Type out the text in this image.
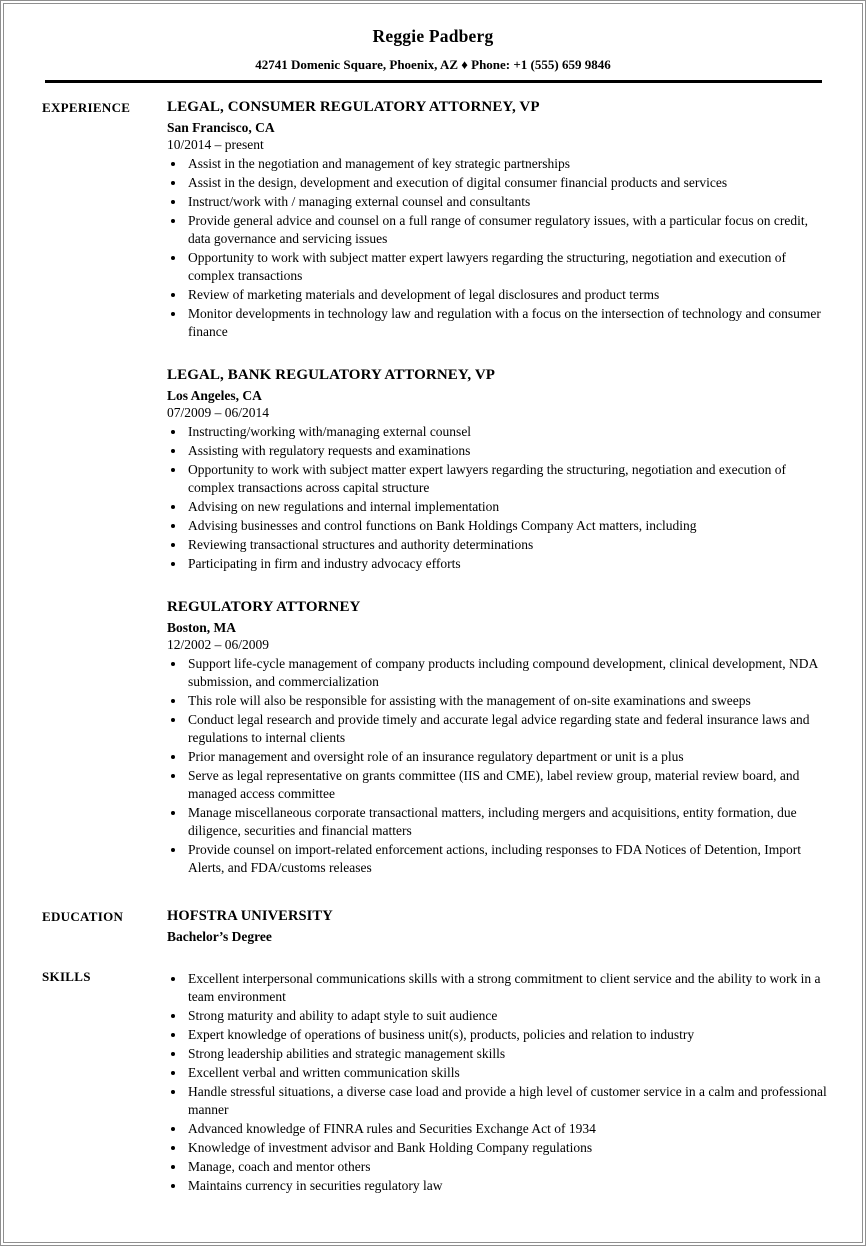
Reggie Padberg
42741 Domenic Square, Phoenix, AZ ♦ Phone: +1 (555) 659 9846
EXPERIENCE	LEGAL, CONSUMER REGULATORY ATTORNEY, VP
San Francisco, CA
10/2014 – present
• Assist in the negotiation and management of key strategic partnerships
• Assist in the design, development and execution of digital consumer financial products and services
• Instruct/work with / managing external counsel and consultants
• Provide general advice and counsel on a full range of consumer regulatory issues, with a particular focus on credit, data governance and servicing issues
• Opportunity to work with subject matter expert lawyers regarding the structuring, negotiation and execution of complex transactions
• Review of marketing materials and development of legal disclosures and product terms
• Monitor developments in technology law and regulation with a focus on the intersection of technology and consumer finance
LEGAL, BANK REGULATORY ATTORNEY, VP
Los Angeles, CA
07/2009 – 06/2014
• Instructing/working with/managing external counsel
• Assisting with regulatory requests and examinations
• Opportunity to work with subject matter expert lawyers regarding the structuring, negotiation and execution of complex transactions across capital structure
• Advising on new regulations and internal implementation
• Advising businesses and control functions on Bank Holdings Company Act matters, including
• Reviewing transactional structures and authority determinations
• Participating in firm and industry advocacy efforts
REGULATORY ATTORNEY
Boston, MA
12/2002 – 06/2009
• Support life-cycle management of company products including compound development, clinical development, NDA submission, and commercialization
• This role will also be responsible for assisting with the management of on-site examinations and sweeps
• Conduct legal research and provide timely and accurate legal advice regarding state and federal insurance laws and regulations to internal clients
• Prior management and oversight role of an insurance regulatory department or unit is a plus
• Serve as legal representative on grants committee (IIS and CME), label review group, material review board, and managed access committee
• Manage miscellaneous corporate transactional matters, including mergers and acquisitions, entity formation, due diligence, securities and financial matters
• Provide counsel on import-related enforcement actions, including responses to FDA Notices of Detention, Import Alerts, and FDA/customs releases
EDUCATION	HOFSTRA UNIVERSITY
Bachelor’s Degree
SKILLS	• Excellent interpersonal communications skills with a strong commitment to client service and the ability to work in a team environment
• Strong maturity and ability to adapt style to suit audience
• Expert knowledge of operations of business unit(s), products, policies and relation to industry
• Strong leadership abilities and strategic management skills
• Excellent verbal and written communication skills
• Handle stressful situations, a diverse case load and provide a high level of customer service in a calm and professional manner
• Advanced knowledge of FINRA rules and Securities Exchange Act of 1934
• Knowledge of investment advisor and Bank Holding Company regulations
• Manage, coach and mentor others
• Maintains currency in securities regulatory law
